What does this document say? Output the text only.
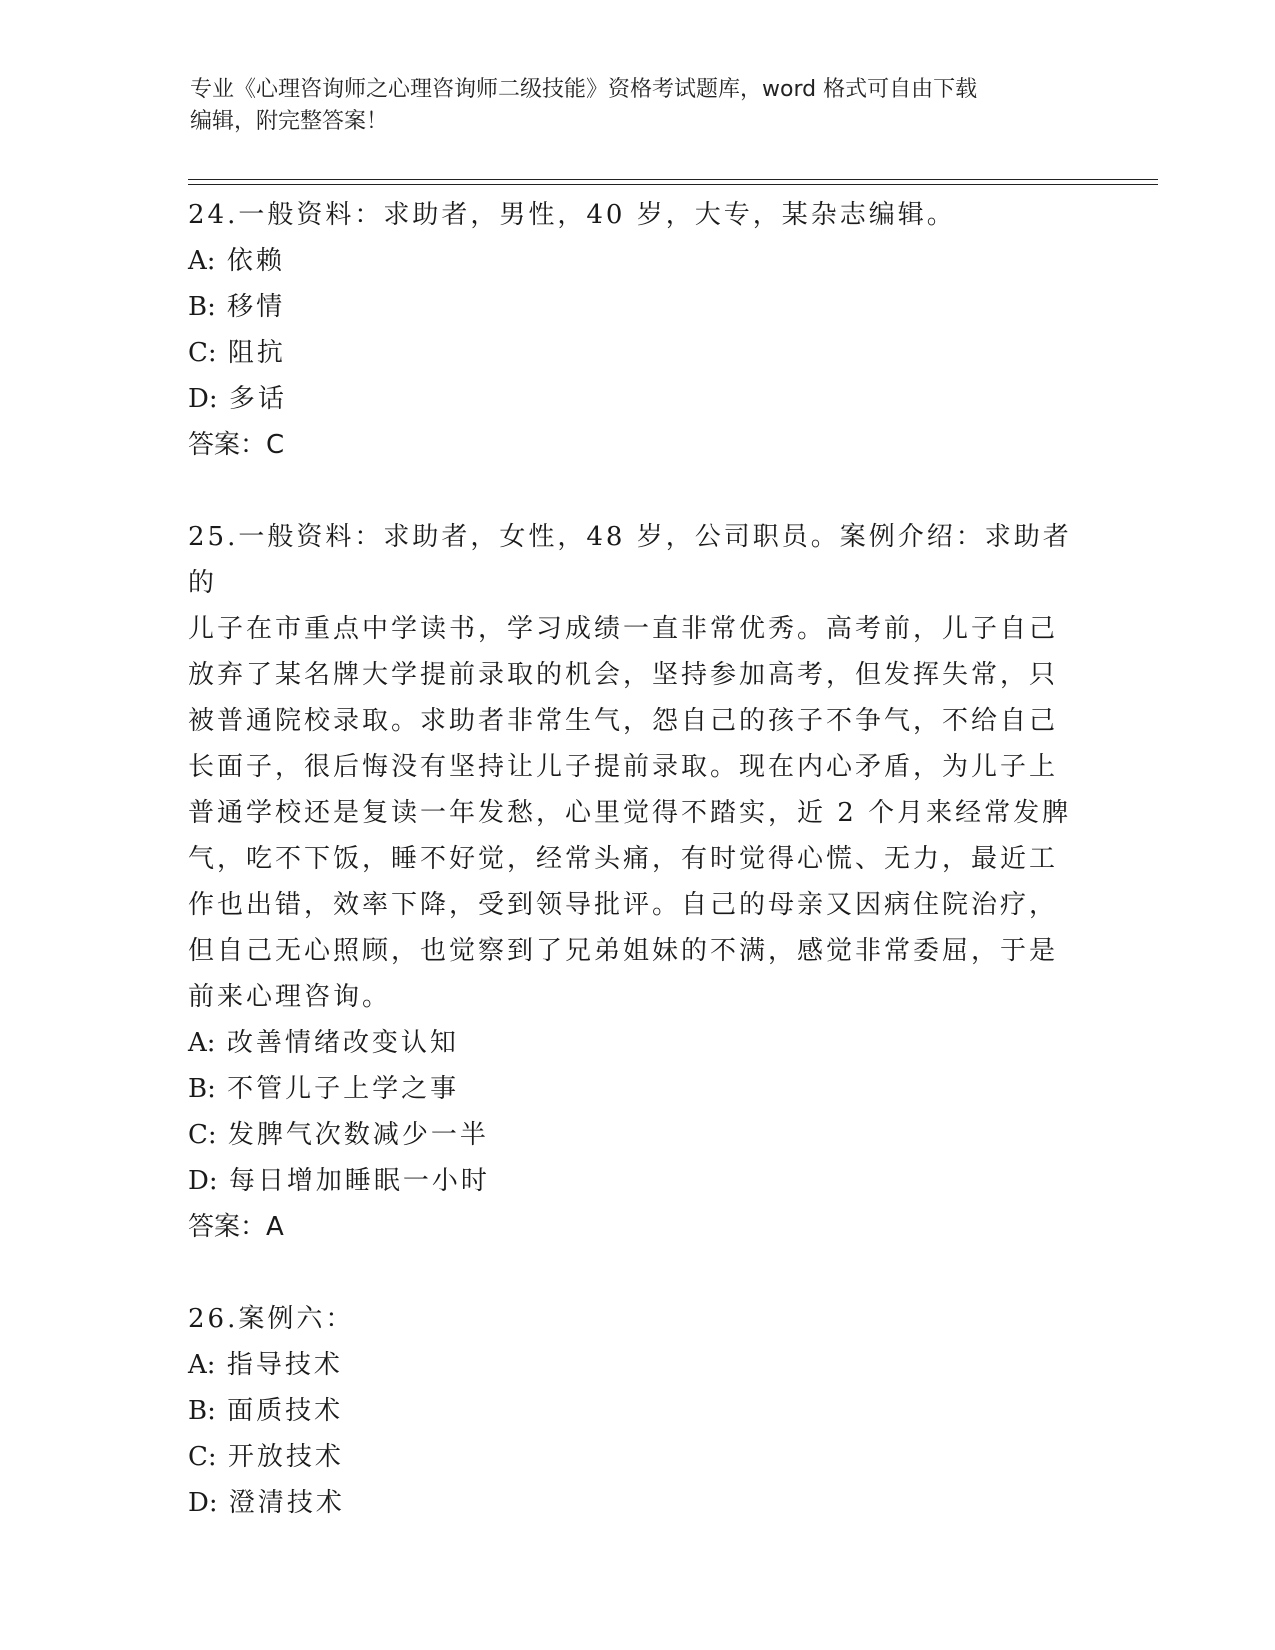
专业《心理咨询师之心理咨询师二级技能》资格考试题库，word 格式可自由下载

编辑，附完整答案！

24.一般资料：求助者，男性，40 岁，大专，某杂志编辑。

A: 依赖

B: 移情

C: 阻抗

D: 多话

答案：C

25.一般资料：求助者，女性，48 岁，公司职员。案例介绍：求助者的

儿子在市重点中学读书，学习成绩一直非常优秀。高考前，儿子自己

放弃了某名牌大学提前录取的机会，坚持参加高考，但发挥失常，只

被普通院校录取。求助者非常生气，怨自己的孩子不争气，不给自己

长面子，很后悔没有坚持让儿子提前录取。现在内心矛盾，为儿子上

普通学校还是复读一年发愁，心里觉得不踏实，近 2 个月来经常发脾

气，吃不下饭，睡不好觉，经常头痛，有时觉得心慌、无力，最近工

作也出错，效率下降，受到领导批评。自己的母亲又因病住院治疗，

但自己无心照顾，也觉察到了兄弟姐妹的不满，感觉非常委屈，于是

前来心理咨询。

A: 改善情绪改变认知

B: 不管儿子上学之事

C: 发脾气次数减少一半

D: 每日增加睡眠一小时

答案：A

26.案例六：

A: 指导技术

B: 面质技术

C: 开放技术

D: 澄清技术
